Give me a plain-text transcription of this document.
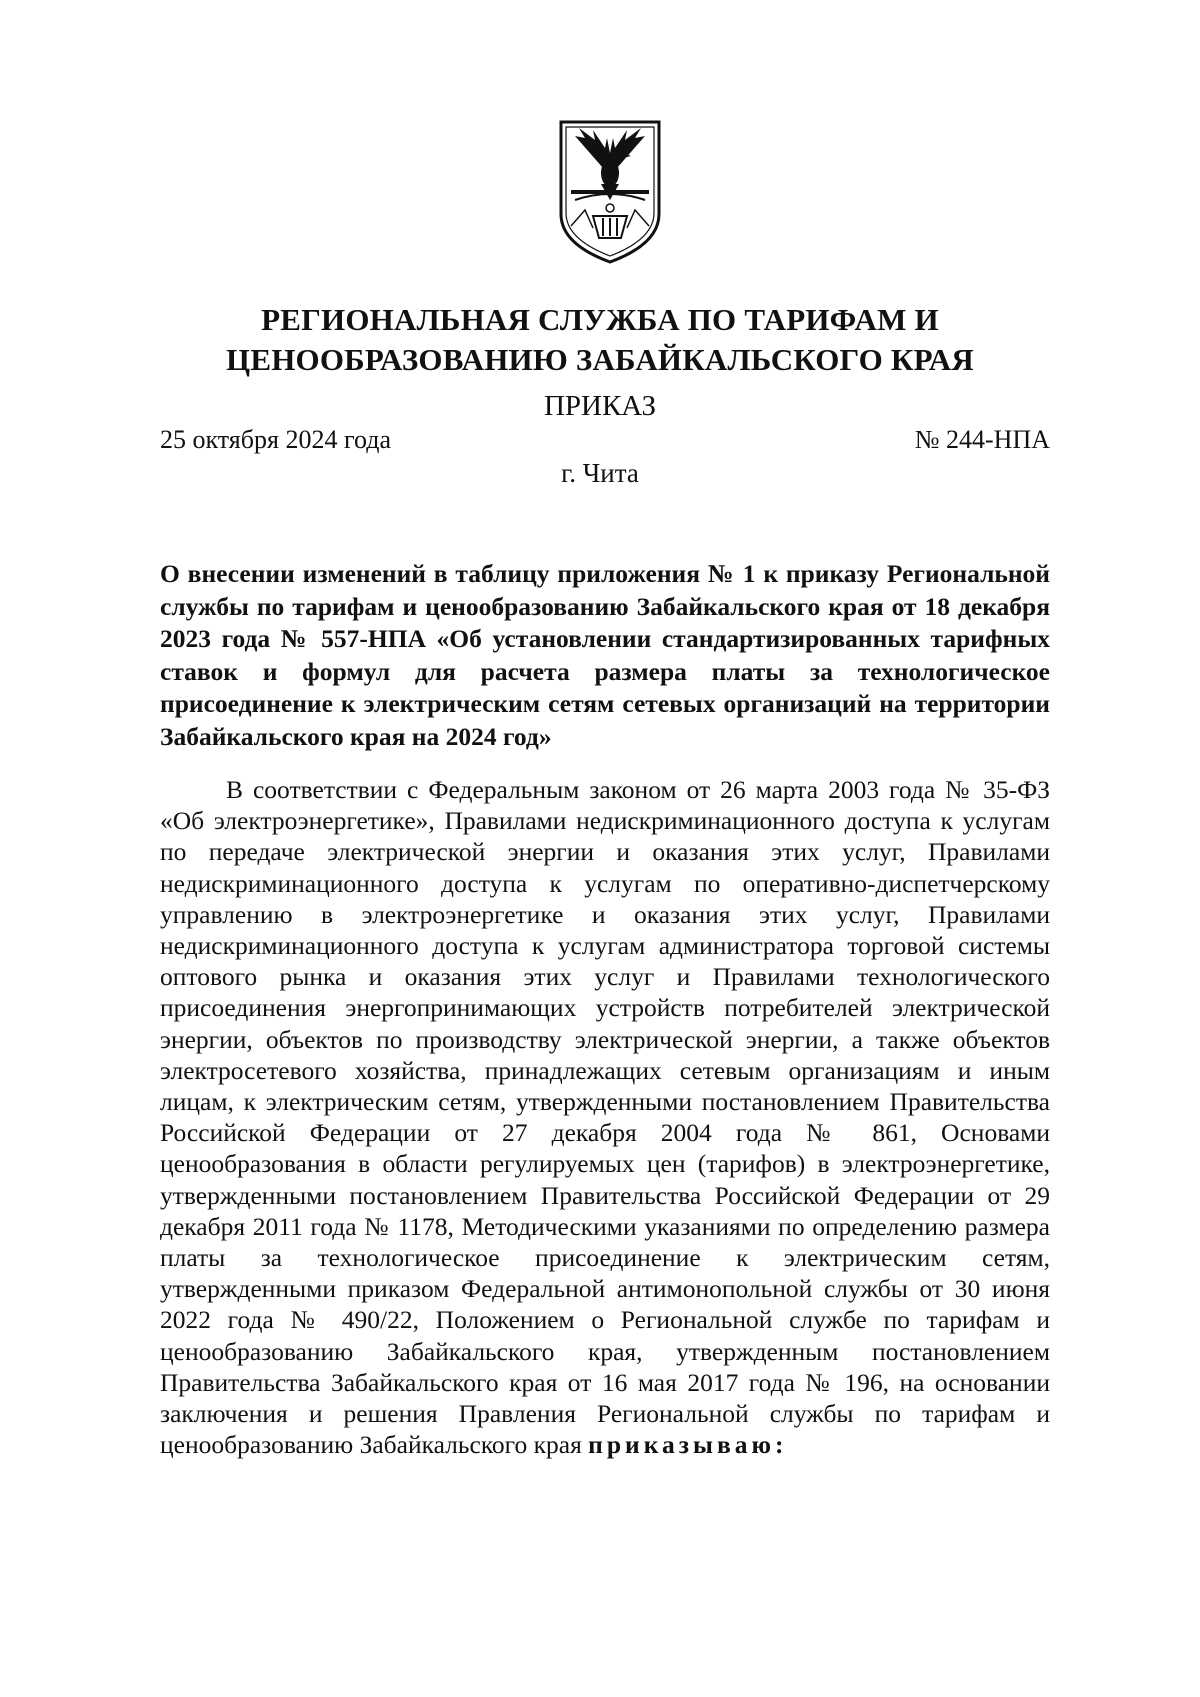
РЕГИОНАЛЬНАЯ СЛУЖБА ПО ТАРИФАМ И ЦЕНООБРАЗОВАНИЮ ЗАБАЙКАЛЬСКОГО КРАЯ
ПРИКАЗ
25 октября 2024 года	№ 244-НПА
г. Чита

О внесении изменений в таблицу приложения № 1 к приказу Региональной службы по тарифам и ценообразованию Забайкальского края от 18 декабря 2023 года № 557-НПА «Об установлении стандартизированных тарифных ставок и формул для расчета размера платы за технологическое присоединение к электрическим сетям сетевых организаций на территории Забайкальского края на 2024 год»

В соответствии с Федеральным законом от 26 марта 2003 года № 35-ФЗ «Об электроэнергетике», Правилами недискриминационного доступа к услугам по передаче электрической энергии и оказания этих услуг, Правилами недискриминационного доступа к услугам по оперативно-диспетчерскому управлению в электроэнергетике и оказания этих услуг, Правилами недискриминационного доступа к услугам администратора торговой системы оптового рынка и оказания этих услуг и Правилами технологического присоединения энергопринимающих устройств потребителей электрической энергии, объектов по производству электрической энергии, а также объектов электросетевого хозяйства, принадлежащих сетевым организациям и иным лицам, к электрическим сетям, утвержденными постановлением Правительства Российской Федерации от 27 декабря 2004 года № 861, Основами ценообразования в области регулируемых цен (тарифов) в электроэнергетике, утвержденными постановлением Правительства Российской Федерации от 29 декабря 2011 года № 1178, Методическими указаниями по определению размера платы за технологическое присоединение к электрическим сетям, утвержденными приказом Федеральной антимонопольной службы от 30 июня 2022 года № 490/22, Положением о Региональной службе по тарифам и ценообразованию Забайкальского края, утвержденным постановлением Правительства Забайкальского края от 16 мая 2017 года № 196, на основании заключения и решения Правления Региональной службы по тарифам и ценообразованию Забайкальского края приказываю:
